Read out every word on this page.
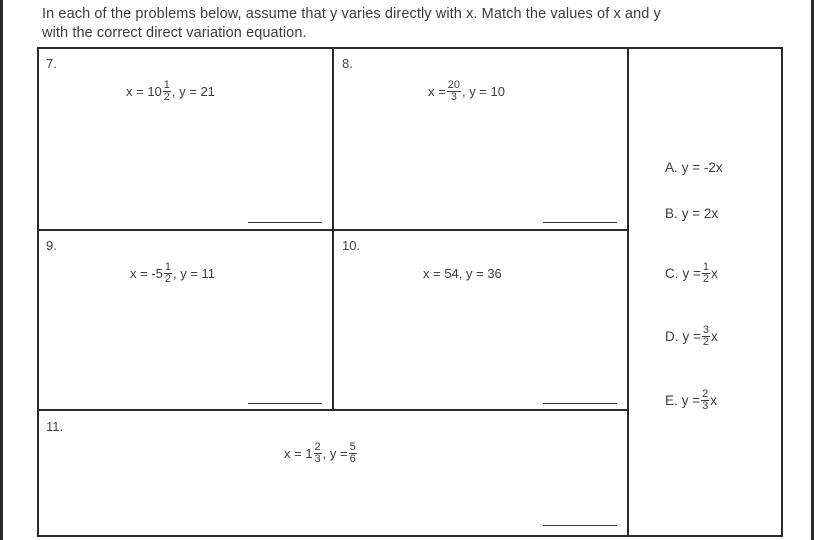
In each of the problems below, assume that y varies directly with x. Match the values of x and y

with the correct direct variation equation.

7.
$x = 10 \frac{1}{2}$ , y = 21
8.
$x = \frac{20}{3}$ , y = 10
9.
$x = -5 \frac{1}{2}$ , y = 11
10.
x = 54, y = 36
11.
$x = 1 \frac{2}{3}$ , $y = \frac{5}{6}$
A. y = -2x
B. y = 2x
C. $y = \frac{1}{2}$ x
D. $y = \frac{3}{2}$ x
E. $y = \frac{2}{3}$ x
